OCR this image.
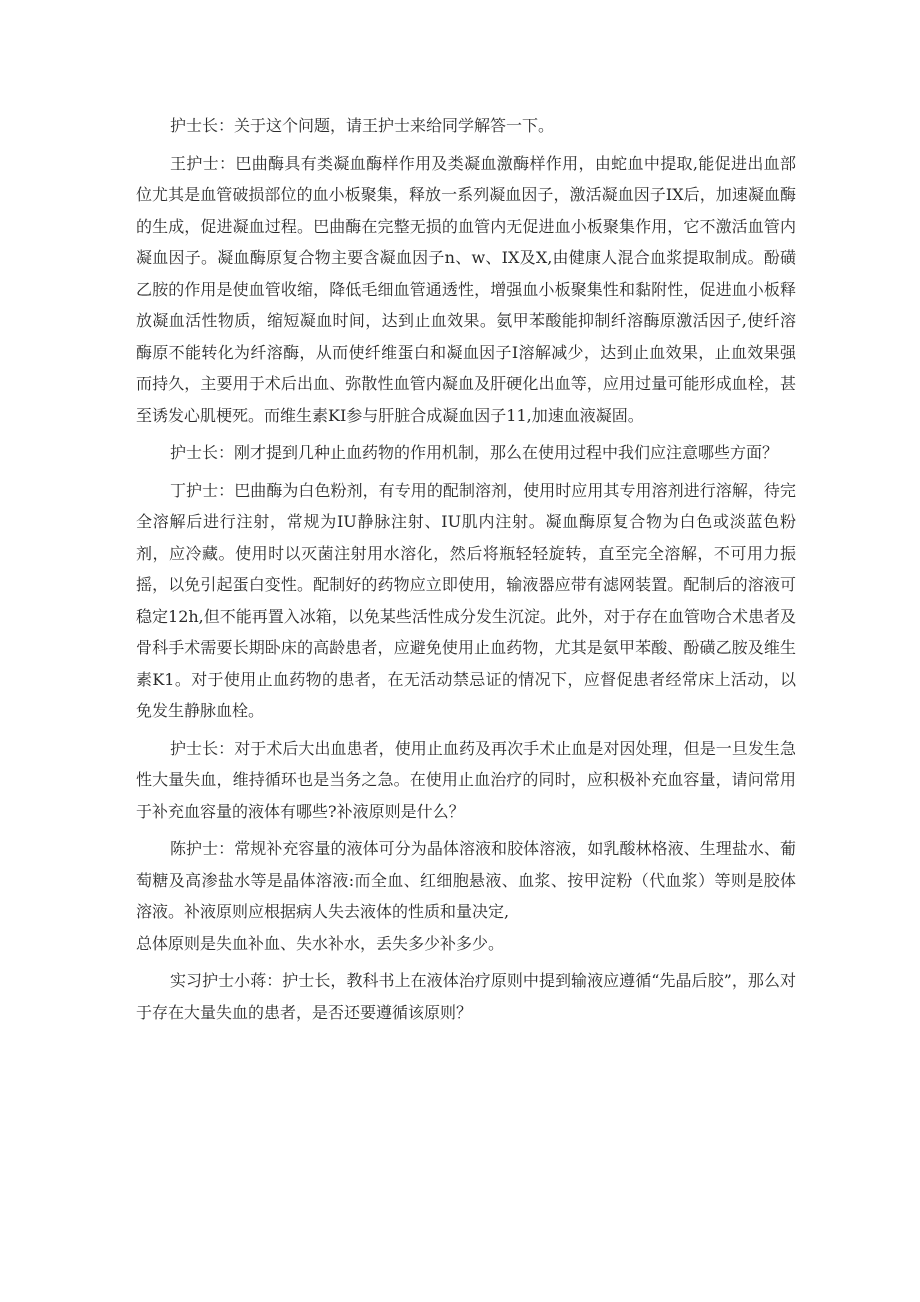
护士长：关于这个问题，请王护士来给同学解答一下。

王护士：巴曲酶具有类凝血酶样作用及类凝血激酶样作用，由蛇血中提取,能促进出血部位尤其是血管破损部位的血小板聚集，释放一系列凝血因子，激活凝血因子IX后，加速凝血酶的生成，促进凝血过程。巴曲酶在完整无损的血管内无促进血小板聚集作用，它不激活血管内凝血因子。凝血酶原复合物主要含凝血因子n、w、IX及X,由健康人混合血浆提取制成。酚磺乙胺的作用是使血管收缩，降低毛细血管通透性，增强血小板聚集性和黏附性，促进血小板释放凝血活性物质，缩短凝血时间，达到止血效果。氨甲苯酸能抑制纤溶酶原激活因子,使纤溶酶原不能转化为纤溶酶，从而使纤维蛋白和凝血因子I溶解减少，达到止血效果，止血效果强而持久，主要用于术后出血、弥散性血管内凝血及肝硬化出血等，应用过量可能形成血栓，甚至诱发心肌梗死。而维生素KI参与肝脏合成凝血因子11,加速血液凝固。

护士长：刚才提到几种止血药物的作用机制，那么在使用过程中我们应注意哪些方面？

丁护士：巴曲酶为白色粉剂，有专用的配制溶剂，使用时应用其专用溶剂进行溶解，待完全溶解后进行注射，常规为IU静脉注射、IU肌内注射。凝血酶原复合物为白色或淡蓝色粉剂，应冷藏。使用时以灭菌注射用水溶化，然后将瓶轻轻旋转，直至完全溶解，不可用力振摇，以免引起蛋白变性。配制好的药物应立即使用，输液器应带有滤网装置。配制后的溶液可稳定12h,但不能再置入冰箱，以免某些活性成分发生沉淀。此外，对于存在血管吻合术患者及骨科手术需要长期卧床的高龄患者，应避免使用止血药物，尤其是氨甲苯酸、酚磺乙胺及维生素K1。对于使用止血药物的患者，在无活动禁忌证的情况下，应督促患者经常床上活动，以免发生静脉血栓。

护士长：对于术后大出血患者，使用止血药及再次手术止血是对因处理，但是一旦发生急性大量失血，维持循环也是当务之急。在使用止血治疗的同时，应积极补充血容量，请问常用于补充血容量的液体有哪些?补液原则是什么？

陈护士：常规补充容量的液体可分为晶体溶液和胶体溶液，如乳酸林格液、生理盐水、葡萄糖及高渗盐水等是晶体溶液:而全血、红细胞悬液、血浆、按甲淀粉（代血浆）等则是胶体溶液。补液原则应根据病人失去液体的性质和量决定,

总体原则是失血补血、失水补水，丢失多少补多少。

实习护士小蒋：护士长，教科书上在液体治疗原则中提到输液应遵循“先晶后胶”，那么对于存在大量失血的患者，是否还要遵循该原则？
